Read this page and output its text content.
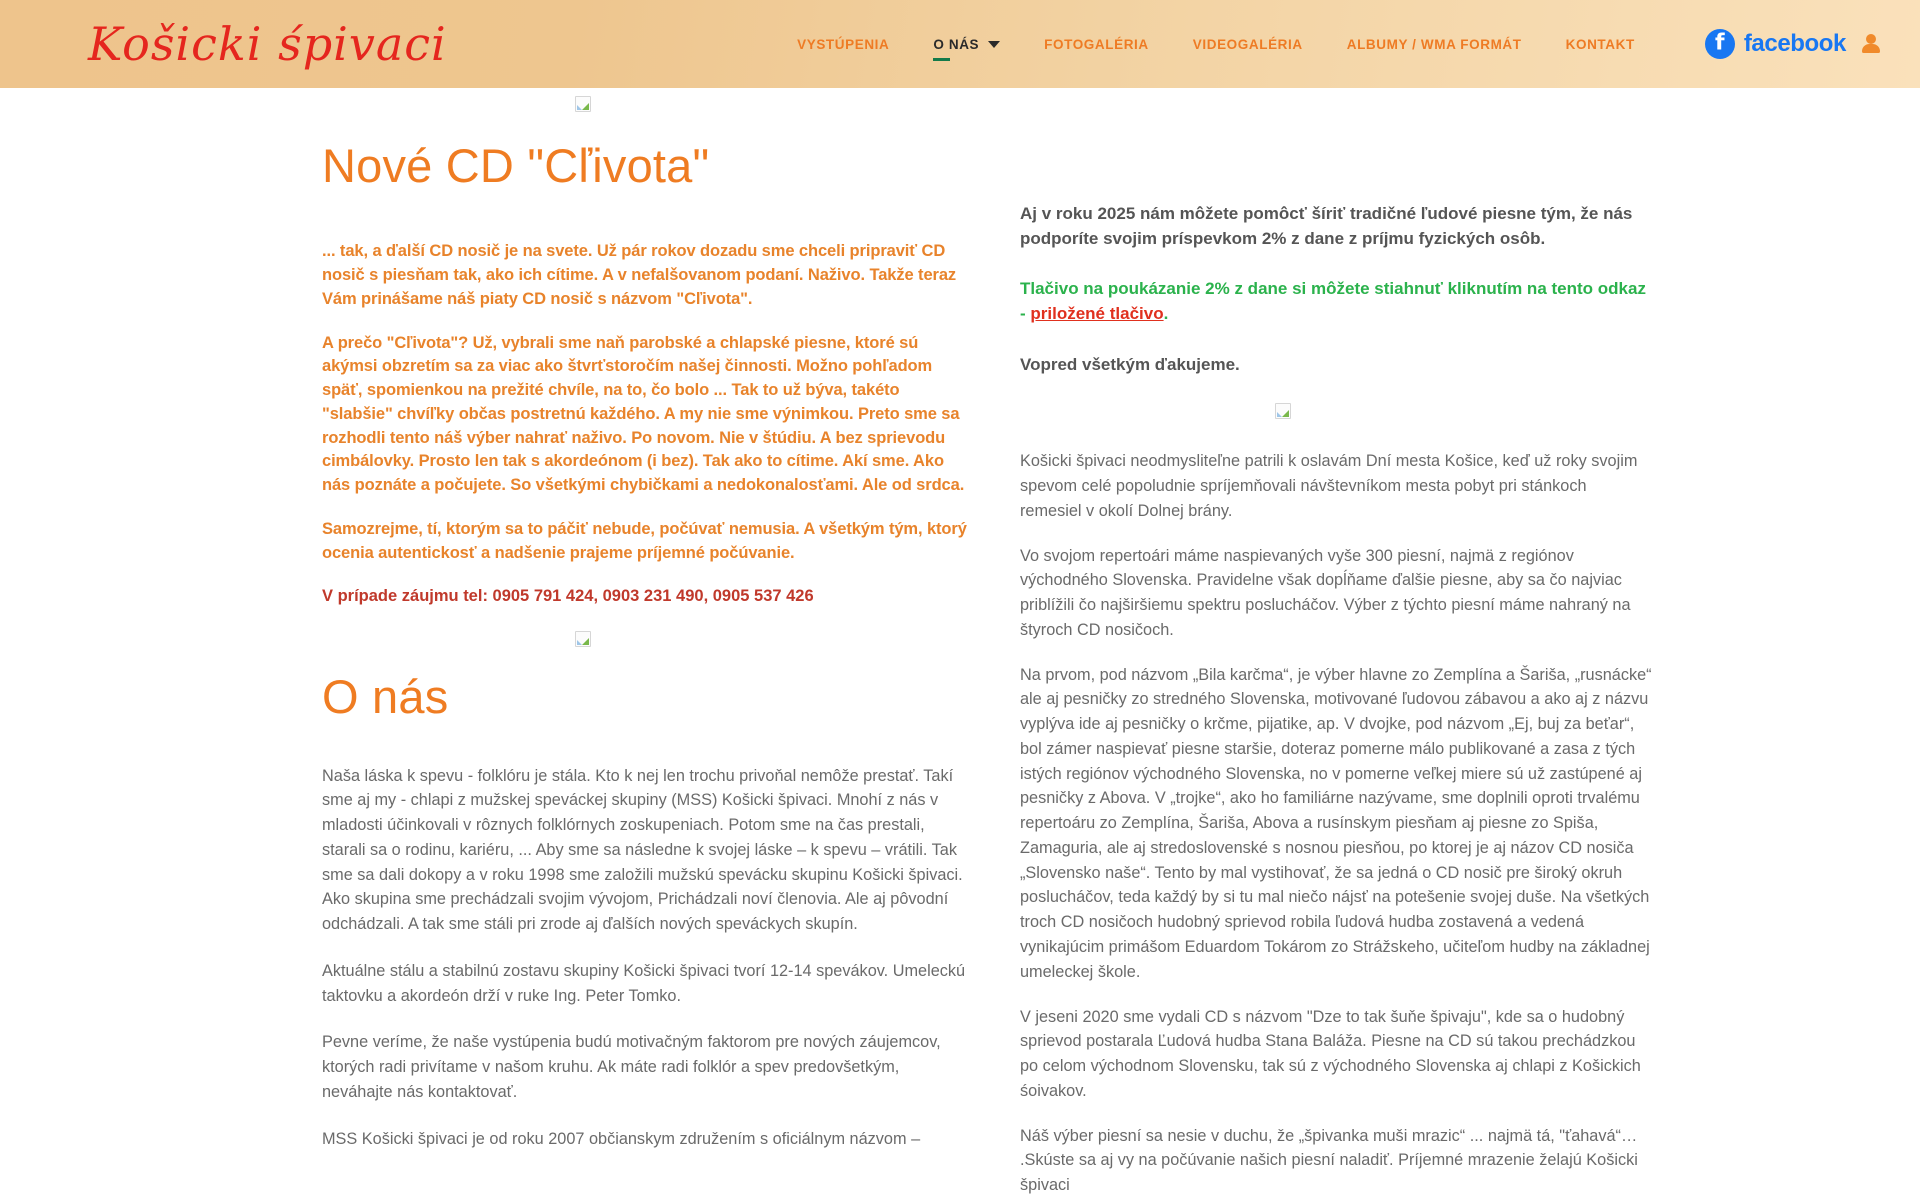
Košicki śpivaci	VYSTÚPENIA	O NÁS	FOTOGALÉRIA	VIDEOGALÉRIA	ALBUMY / WMA FORMÁT	KONTAKT f	facebook
Nové CD "Cľivota"

... tak, a ďalší CD nosič je na svete. Už pár rokov dozadu sme chceli pripraviť CD nosič s piesňam tak, ako ich cítime. A v nefalšovanom podaní. Naživo. Takže teraz Vám prinášame náš piaty CD nosič s názvom "Cľivota".

A prečo "Cľivota"? Už, vybrali sme naň parobské a chlapské piesne, ktoré sú akýmsi obzretím sa za viac ako štvrťstoročím našej činnosti. Možno pohľadom späť, spomienkou na prežité chvíle, na to, čo bolo ... Tak to už býva, takéto "slabšie" chvíľky občas postretnú každého. A my nie sme výnimkou. Preto sme sa rozhodli tento náš výber nahrať naživo. Po novom. Nie v štúdiu. A bez sprievodu cimbálovky. Prosto len tak s akordeónom (i bez). Tak ako to cítime. Akí sme. Ako nás poznáte a počujete. So všetkými chybičkami a nedokonalosťami. Ale od srdca.

Samozrejme, tí, ktorým sa to páčiť nebude, počúvať nemusia. A všetkým tým, ktorý ocenia autentickosť a nadšenie prajeme príjemné počúvanie.

V prípade záujmu tel: 0905 791 424, 0903 231 490, 0905 537 426

O nás

Naša láska k spevu - folklóru je stála. Kto k nej len trochu privoňal nemôže prestať. Takí sme aj my - chlapi z mužskej speváckej skupiny (MSS) Košicki špivaci. Mnohí z nás v mladosti účinkovali v rôznych folklórnych zoskupeniach. Potom sme na čas prestali, starali sa o rodinu, kariéru, ... Aby sme sa následne k svojej láske – k spevu – vrátili. Tak sme sa dali dokopy a v roku 1998 sme založili mužskú spevácku skupinu Košicki špivaci. Ako skupina sme prechádzali svojim vývojom, Prichádzali noví členovia. Ale aj pôvodní odchádzali. A tak sme stáli pri zrode aj ďalších nových speváckych skupín.

Aktuálne stálu a stabilnú zostavu skupiny Košicki špivaci tvorí 12-14 spevákov. Umeleckú taktovku a akordeón drží v ruke Ing. Peter Tomko.

Pevne veríme, že naše vystúpenia budú motivačným faktorom pre nových záujemcov, ktorých radi privítame v našom kruhu. Ak máte radi folklór a spev predovšetkým, neváhajte nás kontaktovať.

MSS Košicki špivaci je od roku 2007 občianskym združením s oficiálnym názvom –

Aj v roku 2025 nám môžete pomôcť šíriť tradičné ľudové piesne tým, že nás podporíte svojim príspevkom 2% z dane z príjmu fyzických osôb.

Tlačivo na poukázanie 2% z dane si môžete stiahnuť kliknutím na tento odkaz - priložené tlačivo.

Vopred všetkým ďakujeme.

Košicki špivaci neodmysliteľne patrili k oslavám Dní mesta Košice, keď už roky svojim spevom celé popoludnie spríjemňovali návštevníkom mesta pobyt pri stánkoch remesiel v okolí Dolnej brány.

Vo svojom repertoári máme naspievaných vyše 300 piesní, najmä z regiónov východného Slovenska. Pravidelne však dopĺňame ďalšie piesne, aby sa čo najviac priblížili čo najširšiemu spektru poslucháčov. Výber z týchto piesní máme nahraný na štyroch CD nosičoch.

Na prvom, pod názvom „Bila karčma“, je výber hlavne zo Zemplína a Šariša, „rusnácke“ ale aj pesničky zo stredného Slovenska, motivované ľudovou zábavou a ako aj z názvu vyplýva ide aj pesničky o krčme, pijatike, ap. V dvojke, pod názvom „Ej, buj za beťar“, bol zámer naspievať piesne staršie, doteraz pomerne málo publikované a zasa z tých istých regiónov východného Slovenska, no v pomerne veľkej miere sú už zastúpené aj pesničky z Abova. V „trojke“, ako ho familiárne nazývame, sme doplnili oproti trvalému repertoáru zo Zemplína, Šariša, Abova a rusínskym piesňam aj piesne zo Spiša, Zamaguria, ale aj stredoslovenské s nosnou piesňou, po ktorej je aj názov CD nosiča „Slovensko naše“. Tento by mal vystihovať, že sa jedná o CD nosič pre široký okruh poslucháčov, teda každý by si tu mal niečo nájsť na potešenie svojej duše. Na všetkých troch CD nosičoch hudobný sprievod robila ľudová hudba zostavená a vedená vynikajúcim primášom Eduardom Tokárom zo Strážskeho, učiteľom hudby na základnej umeleckej škole.

V jeseni 2020 sme vydali CD s názvom "Dze to tak šuňe špivaju", kde sa o hudobný sprievod postarala Ľudová hudba Stana Baláža. Piesne na CD sú takou prechádzkou po celom východnom Slovensku, tak sú z východného Slovenska aj chlapi z Košickich śoivakov.

Náš výber piesní sa nesie v duchu, že „špivanka muši mrazic“ ... najmä tá, "ťahavá“… .Skúste sa aj vy na počúvanie našich piesní naladiť. Príjemné mrazenie želajú Košicki špivaci
